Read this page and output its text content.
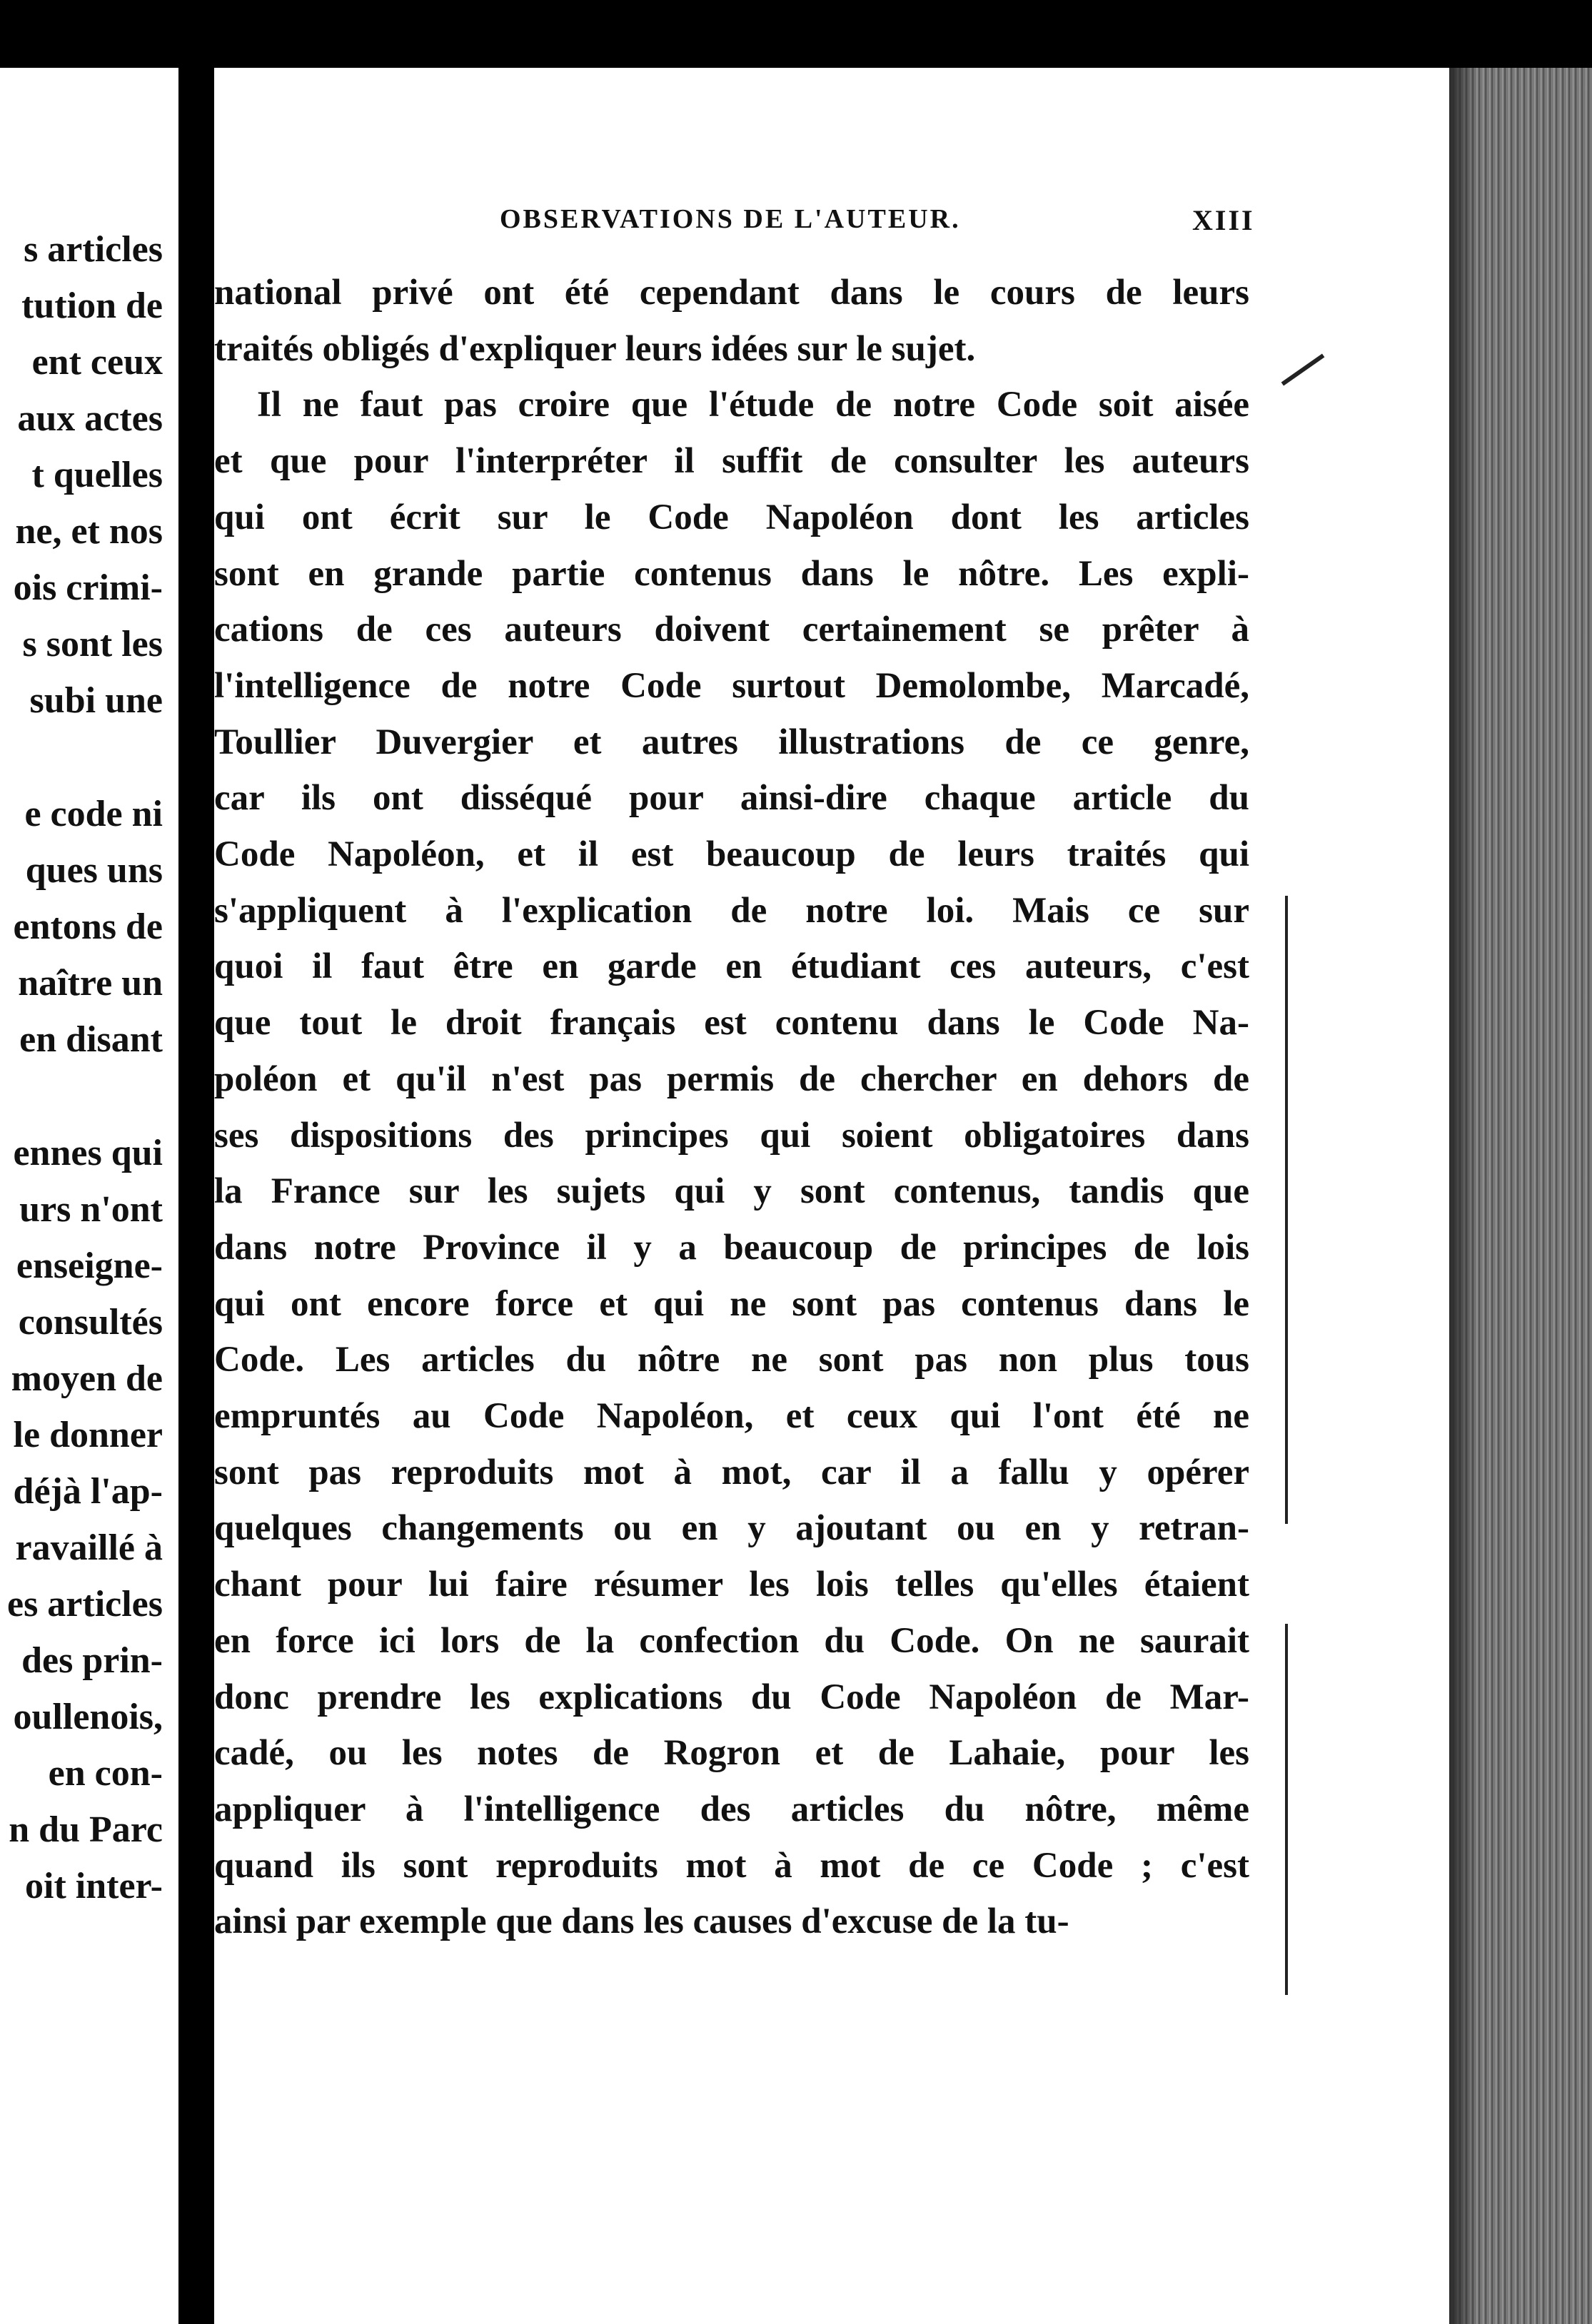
s articles
tution de
ent ceux
aux actes
t quelles
ne, et nos
ois crimi-
s sont les
subi une
e code ni
ques uns
entons de
naître un
en disant
ennes qui
urs n'ont
enseigne-
consultés
moyen de
le donner
déjà l'ap-
ravaillé à
es articles
des prin-
oullenois,
en con-
n du Parc
oit inter-
OBSERVATIONS DE L'AUTEUR.	XIII
national privé ont été cependant dans le cours de leurs
traités obligés d'expliquer leurs idées sur le sujet.
Il ne faut pas croire que l'étude de notre Code soit aisée
et que pour l'interpréter il suffit de consulter les auteurs
qui ont écrit sur le Code Napoléon dont les articles
sont en grande partie contenus dans le nôtre. Les expli-
cations de ces auteurs doivent certainement se prêter à
l'intelligence de notre Code surtout Demolombe, Marcadé,
Toullier Duvergier et autres illustrations de ce genre,
car ils ont disséqué pour ainsi-dire chaque article du
Code Napoléon, et il est beaucoup de leurs traités qui
s'appliquent à l'explication de notre loi. Mais ce sur
quoi il faut être en garde en étudiant ces auteurs, c'est
que tout le droit français est contenu dans le Code Na-
poléon et qu'il n'est pas permis de chercher en dehors de
ses dispositions des principes qui soient obligatoires dans
la France sur les sujets qui y sont contenus, tandis que
dans notre Province il y a beaucoup de principes de lois
qui ont encore force et qui ne sont pas contenus dans le
Code. Les articles du nôtre ne sont pas non plus tous
empruntés au Code Napoléon, et ceux qui l'ont été ne
sont pas reproduits mot à mot, car il a fallu y opérer
quelques changements ou en y ajoutant ou en y retran-
chant pour lui faire résumer les lois telles qu'elles étaient
en force ici lors de la confection du Code. On ne saurait
donc prendre les explications du Code Napoléon de Mar-
cadé, ou les notes de Rogron et de Lahaie, pour les
appliquer à l'intelligence des articles du nôtre, même
quand ils sont reproduits mot à mot de ce Code ; c'est
ainsi par exemple que dans les causes d'excuse de la tu-
